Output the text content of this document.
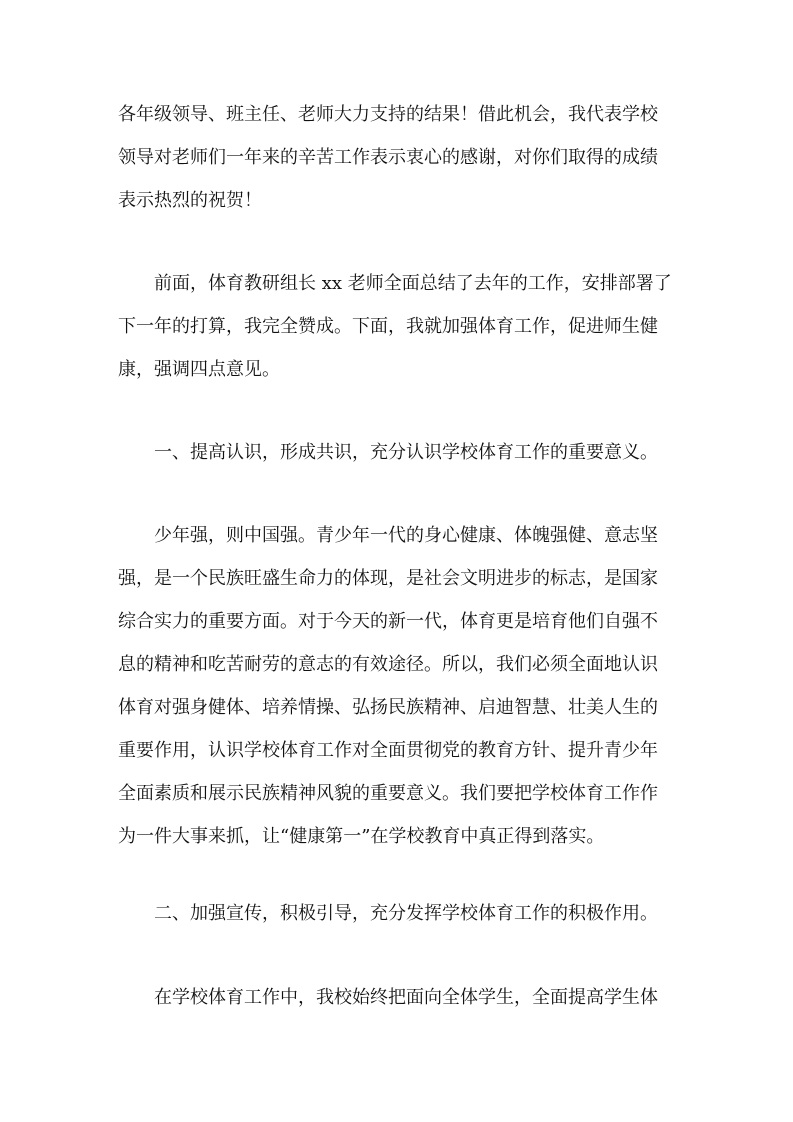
各年级领导、班主任、老师大力支持的结果！借此机会，我代表学校
领导对老师们一年来的辛苦工作表示衷心的感谢，对你们取得的成绩
表示热烈的祝贺！
前面，体育教研组长 xx 老师全面总结了去年的工作，安排部署了
下一年的打算，我完全赞成。下面，我就加强体育工作，促进师生健
康，强调四点意见。
一、提高认识，形成共识，充分认识学校体育工作的重要意义。
少年强，则中国强。青少年一代的身心健康、体魄强健、意志坚
强，是一个民族旺盛生命力的体现，是社会文明进步的标志，是国家
综合实力的重要方面。对于今天的新一代，体育更是培育他们自强不
息的精神和吃苦耐劳的意志的有效途径。所以，我们必须全面地认识
体育对强身健体、培养情操、弘扬民族精神、启迪智慧、壮美人生的
重要作用，认识学校体育工作对全面贯彻党的教育方针、提升青少年
全面素质和展示民族精神风貌的重要意义。我们要把学校体育工作作
为一件大事来抓，让“健康第一”在学校教育中真正得到落实。
二、加强宣传，积极引导，充分发挥学校体育工作的积极作用。
在学校体育工作中，我校始终把面向全体学生，全面提高学生体
